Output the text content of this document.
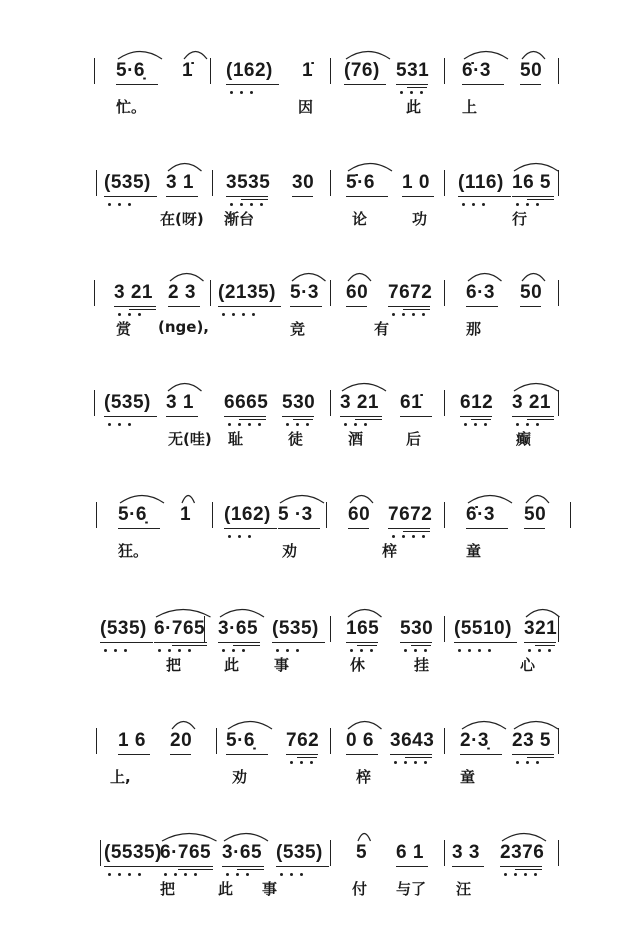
5·6̣ 1̇ (162) 1̇ (76) 531 6̇·3 50
忙。	因	此	上
(535) 3 1 3535 30 5̇·6 1 0 (116) 16 5
在(呀) 渐台	论	功	行
3 21 2 3 (2135) 5·3 60 7672 6·3 50
赏 (nge),	竞	有	那
(535) 3 1 6665 530 3 21 61̇ 612 3 21
无(哇) 耻	徒	酒	后	癫
5·6̣ 1 (162) 5 ·3 60 7672 6̇·3 50
狂。	劝	梓	童
(535) 6·765 3·65 (535) 165 530 (5510) 321
把	此 事	休	挂	心
1 6 20 5·6̣ 762 0 6 3643 2·3̣ 23 5
上,	劝	梓	童
(5535)
6·765 3·65 (535) 5 6 1 3 3 2376
把	此 事	付 与了 汪
